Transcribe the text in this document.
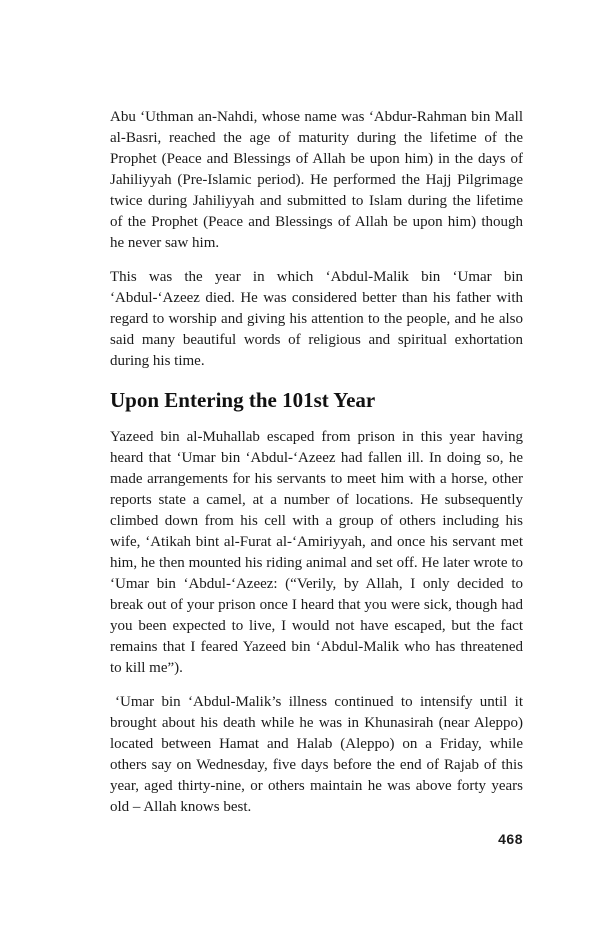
Abu ‘Uthman an-Nahdi, whose name was ‘Abdur-Rahman bin Mall al-Basri, reached the age of maturity during the lifetime of the Prophet (Peace and Blessings of Allah be upon him) in the days of Jahiliyyah (Pre-Islamic period). He performed the Hajj Pilgrimage twice during Jahiliyyah and submitted to Islam during the lifetime of the Prophet (Peace and Blessings of Allah be upon him) though he never saw him.

This was the year in which ‘Abdul-Malik bin ‘Umar bin ‘Abdul-‘Azeez died. He was considered better than his father with regard to worship and giving his attention to the people, and he also said many beautiful words of religious and spiritual exhortation during his time.

Upon Entering the 101st Year

Yazeed bin al-Muhallab escaped from prison in this year having heard that ‘Umar bin ‘Abdul-‘Azeez had fallen ill. In doing so, he made arrangements for his servants to meet him with a horse, other reports state a camel, at a number of locations. He subsequently climbed down from his cell with a group of others including his wife, ‘Atikah bint al-Furat al-‘Amiriyyah, and once his servant met him, he then mounted his riding animal and set off. He later wrote to ‘Umar bin ‘Abdul-‘Azeez: (“Verily, by Allah, I only decided to break out of your prison once I heard that you were sick, though had you been expected to live, I would not have escaped, but the fact remains that I feared Yazeed bin ‘Abdul-Malik who has threatened to kill me”).

‘Umar bin ‘Abdul-Malik’s illness continued to intensify until it brought about his death while he was in Khunasirah (near Aleppo) located between Hamat and Halab (Aleppo) on a Friday, while others say on Wednesday, five days before the end of Rajab of this year, aged thirty-nine, or others maintain he was above forty years old – Allah knows best.

468
